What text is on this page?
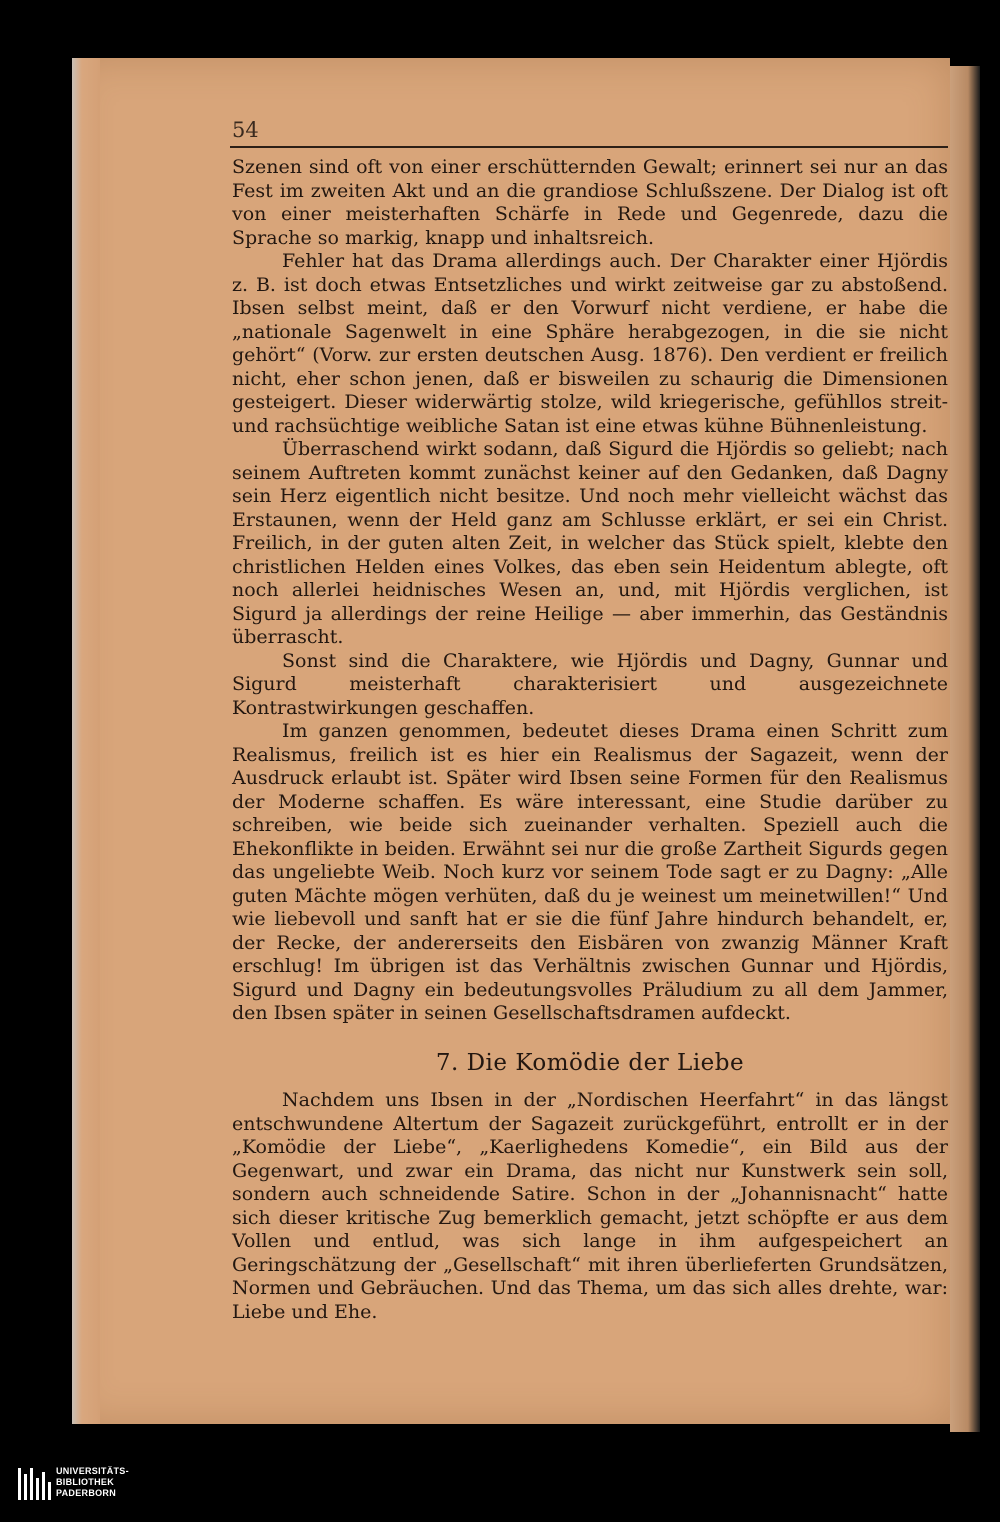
54

Szenen sind oft von einer erschütternden Gewalt; erinnert sei nur an das Fest im zweiten Akt und an die grandiose Schlußszene. Der Dialog ist oft von einer meisterhaften Schärfe in Rede und Gegenrede, dazu die Sprache so markig, knapp und inhaltsreich.

Fehler hat das Drama allerdings auch. Der Charakter einer Hjördis z. B. ist doch etwas Entsetzliches und wirkt zeitweise gar zu abstoßend. Ibsen selbst meint, daß er den Vorwurf nicht verdiene, er habe die „nationale Sagenwelt in eine Sphäre herabgezogen, in die sie nicht gehört“ (Vorw. zur ersten deutschen Ausg. 1876). Den verdient er freilich nicht, eher schon jenen, daß er bisweilen zu schaurig die Dimensionen gesteigert. Dieser widerwärtig stolze, wild kriegerische, gefühllos streit- und rachsüchtige weibliche Satan ist eine etwas kühne Bühnenleistung.

Überraschend wirkt sodann, daß Sigurd die Hjördis so geliebt; nach seinem Auftreten kommt zunächst keiner auf den Gedanken, daß Dagny sein Herz eigentlich nicht besitze. Und noch mehr vielleicht wächst das Erstaunen, wenn der Held ganz am Schlusse erklärt, er sei ein Christ. Freilich, in der guten alten Zeit, in welcher das Stück spielt, klebte den christlichen Helden eines Volkes, das eben sein Heidentum ablegte, oft noch allerlei heidnisches Wesen an, und, mit Hjördis verglichen, ist Sigurd ja allerdings der reine Heilige — aber immerhin, das Geständnis überrascht.

Sonst sind die Charaktere, wie Hjördis und Dagny, Gunnar und Sigurd meisterhaft charakterisiert und ausgezeichnete Kontrastwirkungen geschaffen.

Im ganzen genommen, bedeutet dieses Drama einen Schritt zum Realismus, freilich ist es hier ein Realismus der Sagazeit, wenn der Ausdruck erlaubt ist. Später wird Ibsen seine Formen für den Realismus der Moderne schaffen. Es wäre interessant, eine Studie darüber zu schreiben, wie beide sich zueinander verhalten. Speziell auch die Ehekonflikte in beiden. Erwähnt sei nur die große Zartheit Sigurds gegen das ungeliebte Weib. Noch kurz vor seinem Tode sagt er zu Dagny: „Alle guten Mächte mögen verhüten, daß du je weinest um meinetwillen!“ Und wie liebevoll und sanft hat er sie die fünf Jahre hindurch behandelt, er, der Recke, der andererseits den Eisbären von zwanzig Männer Kraft erschlug! Im übrigen ist das Verhältnis zwischen Gunnar und Hjördis, Sigurd und Dagny ein bedeutungsvolles Präludium zu all dem Jammer, den Ibsen später in seinen Gesellschaftsdramen aufdeckt.

7. Die Komödie der Liebe

Nachdem uns Ibsen in der „Nordischen Heerfahrt“ in das längst entschwundene Altertum der Sagazeit zurückgeführt, entrollt er in der „Komödie der Liebe“, „Kaerlighedens Komedie“, ein Bild aus der Gegenwart, und zwar ein Drama, das nicht nur Kunstwerk sein soll, sondern auch schneidende Satire. Schon in der „Johannisnacht“ hatte sich dieser kritische Zug bemerklich gemacht, jetzt schöpfte er aus dem Vollen und entlud, was sich lange in ihm aufgespeichert an Geringschätzung der „Gesellschaft“ mit ihren überlieferten Grundsätzen, Normen und Gebräuchen. Und das Thema, um das sich alles drehte, war: Liebe und Ehe.

UNIVERSITÄTS-
BIBLIOTHEK
PADERBORN
